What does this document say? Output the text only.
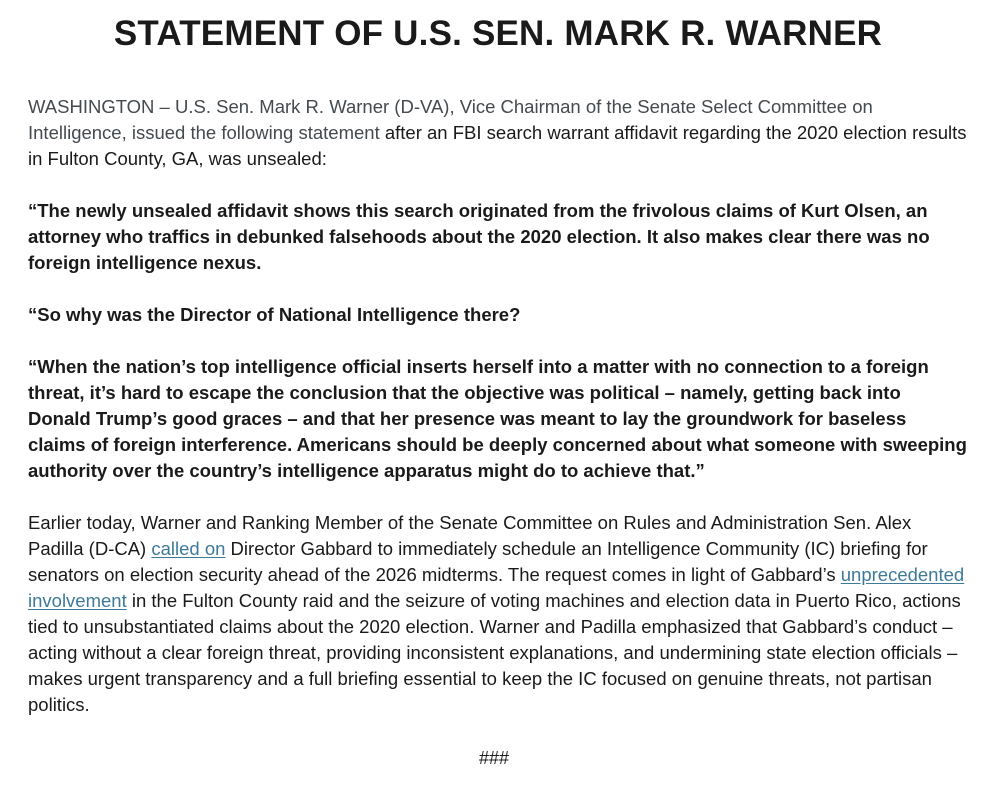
STATEMENT OF U.S. SEN. MARK R. WARNER

WASHINGTON – U.S. Sen. Mark R. Warner (D-VA), Vice Chairman of the Senate Select Committee on Intelligence, issued the following statement after an FBI search warrant affidavit regarding the 2020 election results in Fulton County, GA, was unsealed:

“The newly unsealed affidavit shows this search originated from the frivolous claims of Kurt Olsen, an attorney who traffics in debunked falsehoods about the 2020 election. It also makes clear there was no foreign intelligence nexus.

“So why was the Director of National Intelligence there?

“When the nation’s top intelligence official inserts herself into a matter with no connection to a foreign threat, it’s hard to escape the conclusion that the objective was political – namely, getting back into Donald Trump’s good graces – and that her presence was meant to lay the groundwork for baseless claims of foreign interference. Americans should be deeply concerned about what someone with sweeping authority over the country’s intelligence apparatus might do to achieve that.”

Earlier today, Warner and Ranking Member of the Senate Committee on Rules and Administration Sen. Alex Padilla (D-CA) called on Director Gabbard to immediately schedule an Intelligence Community (IC) briefing for senators on election security ahead of the 2026 midterms. The request comes in light of Gabbard’s unprecedented involvement in the Fulton County raid and the seizure of voting machines and election data in Puerto Rico, actions tied to unsubstantiated claims about the 2020 election. Warner and Padilla emphasized that Gabbard’s conduct – acting without a clear foreign threat, providing inconsistent explanations, and undermining state election officials – makes urgent transparency and a full briefing essential to keep the IC focused on genuine threats, not partisan politics.

###
